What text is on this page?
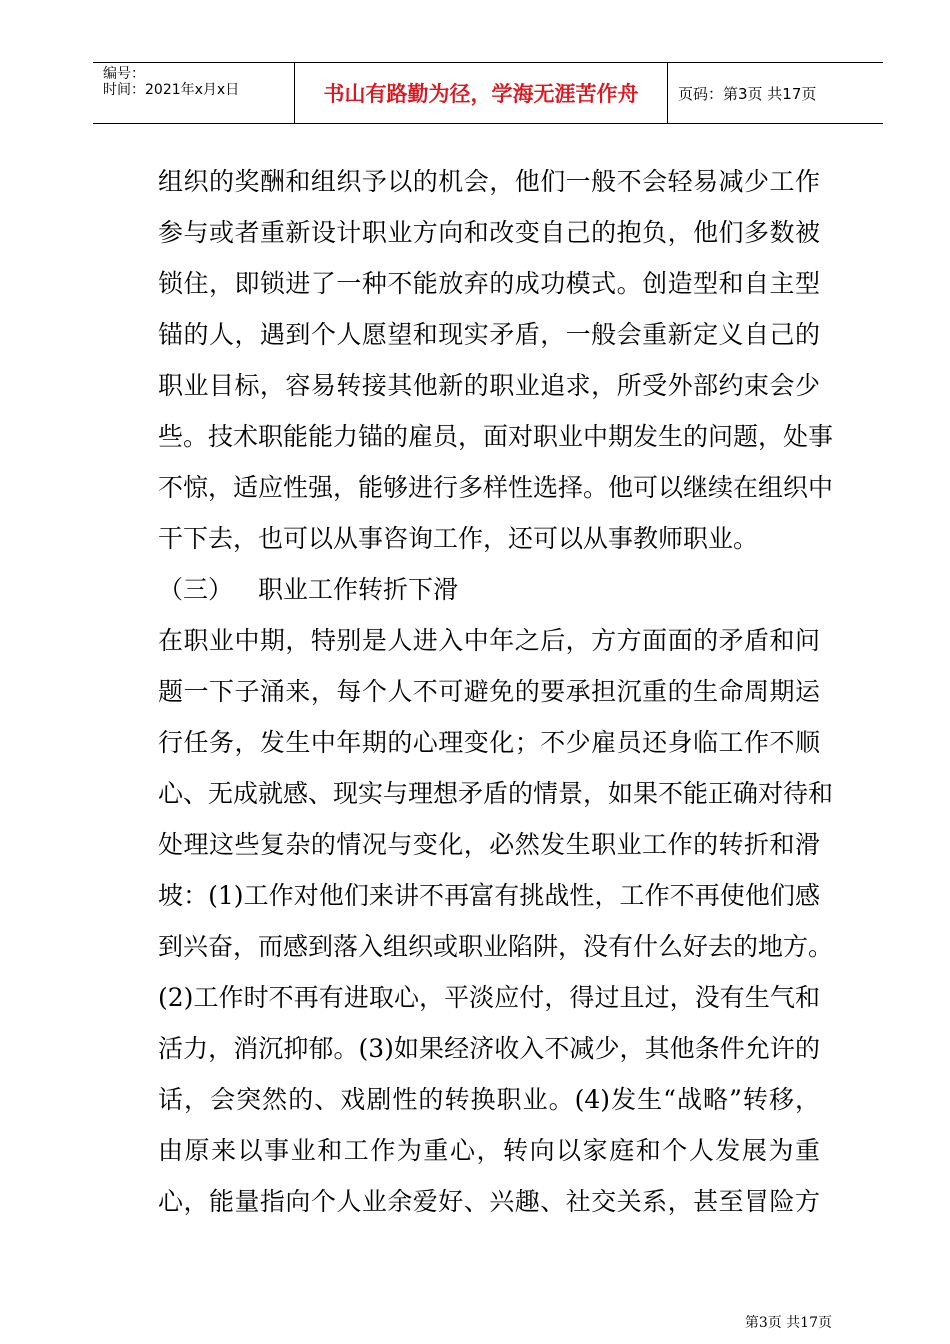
编号：
时间：2021年x月x日	书山有路勤为径，学海无涯苦作舟	页码：第3页 共17页
组织的奖酬和组织予以的机会，他们一般不会轻易减少工作
参与或者重新设计职业方向和改变自己的抱负，他们多数被
锁住，即锁进了一种不能放弃的成功模式。创造型和自主型
锚的人，遇到个人愿望和现实矛盾，一般会重新定义自己的
职业目标，容易转接其他新的职业追求，所受外部约束会少
些。技术职能能力锚的雇员，面对职业中期发生的问题，处事
不惊，适应性强，能够进行多样性选择。他可以继续在组织中
干下去，也可以从事咨询工作，还可以从事教师职业。
（三） 职业工作转折下滑
在职业中期，特别是人进入中年之后，方方面面的矛盾和问
题一下子涌来，每个人不可避免的要承担沉重的生命周期运
行任务，发生中年期的心理变化；不少雇员还身临工作不顺
心、无成就感、现实与理想矛盾的情景，如果不能正确对待和
处理这些复杂的情况与变化，必然发生职业工作的转折和滑
坡：(1)工作对他们来讲不再富有挑战性，工作不再使他们感
到兴奋，而感到落入组织或职业陷阱，没有什么好去的地方。
(2)工作时不再有进取心，平淡应付，得过且过，没有生气和
活力，消沉抑郁。(3)如果经济收入不减少，其他条件允许的
话，会突然的、戏剧性的转换职业。(4)发生“战略”转移，
由原来以事业和工作为重心，转向以家庭和个人发展为重
心，能量指向个人业余爱好、兴趣、社交关系，甚至冒险方
第3页 共17页
